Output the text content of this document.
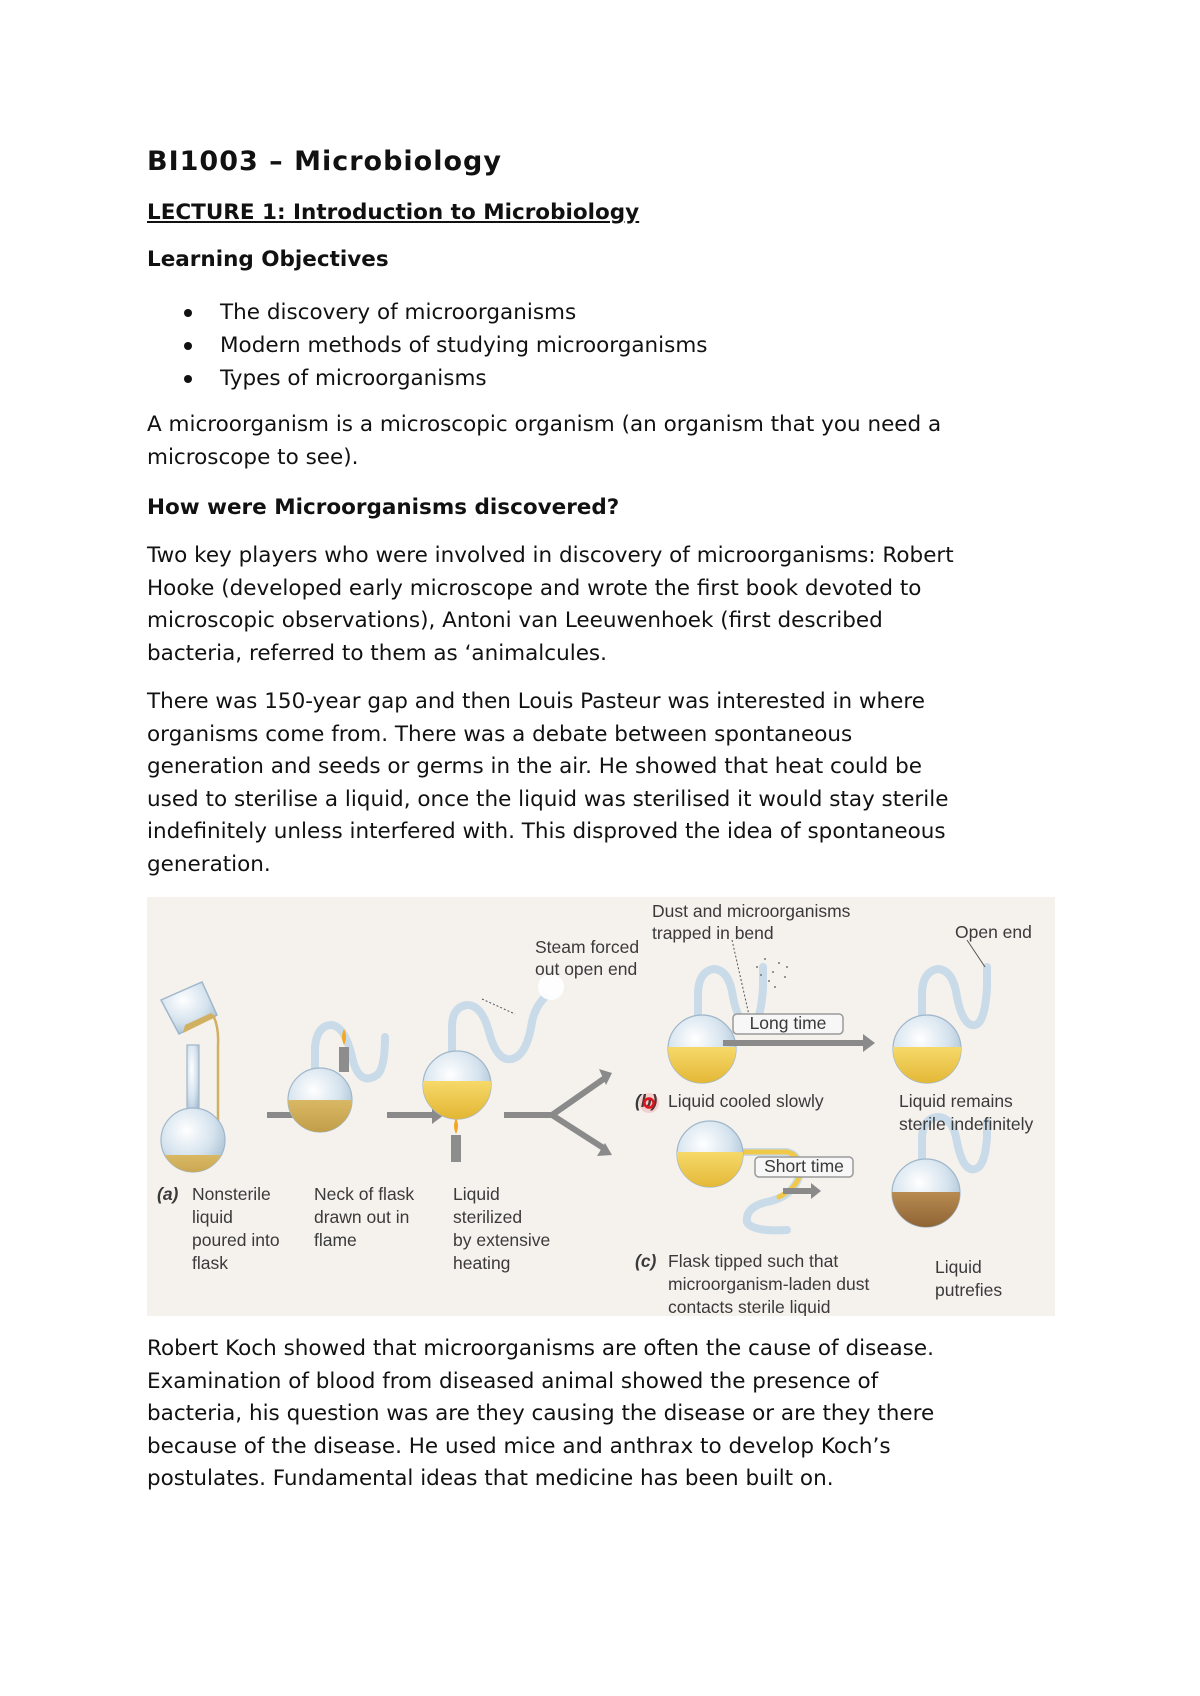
BI1003 – Microbiology
LECTURE 1: Introduction to Microbiology
Learning Objectives
The discovery of microorganisms
Modern methods of studying microorganisms
Types of microorganisms

A microorganism is a microscopic organism (an organism that you need a
microscope to see).

How were Microorganisms discovered?

Two key players who were involved in discovery of microorganisms: Robert
Hooke (developed early microscope and wrote the first book devoted to
microscopic observations), Antoni van Leeuwenhoek (first described
bacteria, referred to them as ‘animalcules.

There was 150-year gap and then Louis Pasteur was interested in where
organisms come from. There was a debate between spontaneous
generation and seeds or germs in the air. He showed that heat could be
used to sterilise a liquid, once the liquid was sterilised it would stay sterile
indefinitely unless interfered with. This disproved the idea of spontaneous
generation.

Long time
Short time
Steam forced out open end
(a) Nonsterile liquid poured into flask
Neck of flask drawn out in flame
Liquid sterilized by extensive heating
Dust and microorganisms trapped in bend	Open end
(b) Liquid cooled slowly	Liquid remains sterile indefinitely
(c) Flask tipped such that microorganism-laden dust contacts sterile liquid
Liquid putrefies

Robert Koch showed that microorganisms are often the cause of disease.
Examination of blood from diseased animal showed the presence of
bacteria, his question was are they causing the disease or are they there
because of the disease. He used mice and anthrax to develop Koch’s
postulates. Fundamental ideas that medicine has been built on.
